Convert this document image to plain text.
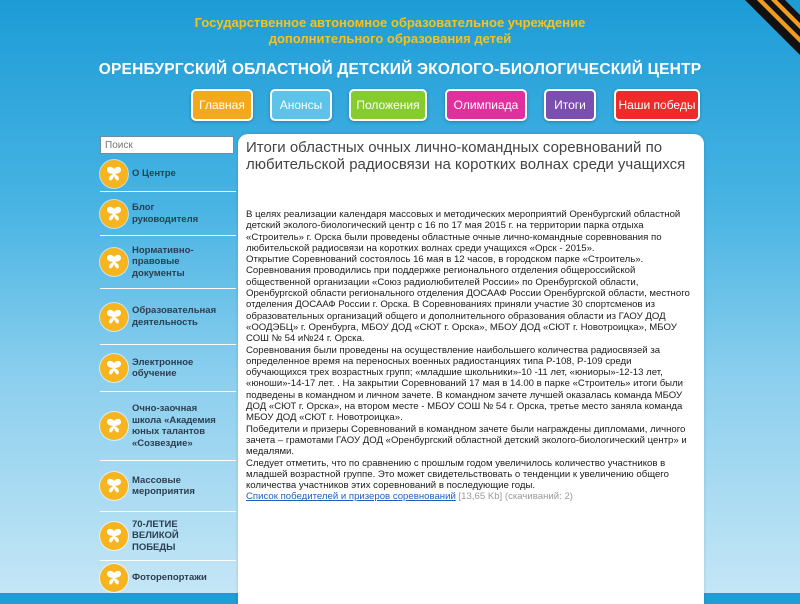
Государственное автономное образовательное учреждение
дополнительного образования детей
ОРЕНБУРГСКИЙ ОБЛАСТНОЙ ДЕТСКИЙ ЭКОЛОГО-БИОЛОГИЧЕСКИЙ ЦЕНТР
Главная	Анонсы	Положения	Олимпиада	Итоги	Наши победы
Поиск
О Центре
Блог руководителя
Нормативно-правовые документы
Образовательная деятельность
Электронное обучение
Очно-заочная школа «Академия юных талантов «Созвездие»
Массовые мероприятия
70-ЛЕТИЕ ВЕЛИКОЙ ПОБЕДЫ
Фоторепортажи
Итоги областных очных лично-командных соревнований по любительской радиосвязи на коротких волнах среди учащихся

В целях реализации календаря массовых и методических мероприятий Оренбургский областной детский эколого-биологический центр с 16 по 17 мая 2015 г. на территории парка отдыха «Строитель» г. Орска были проведены областные очные лично-командные соревнования по любительской радиосвязи на коротких волнах среди учащихся «Орск - 2015».

Открытие Соревнований состоялось 16 мая в 12 часов, в городском парке «Строитель».

Соревнования проводились при поддержке регионального отделения общероссийской общественной организации «Союз радиолюбителей России» по Оренбургской области, Оренбургской области регионального отделения ДОСААФ России Оренбургской области, местного отделения ДОСААФ России г. Орска. В Соревнованиях приняли участие 30 спортсменов из образовательных организаций общего и дополнительного образования области из ГАОУ ДОД «ООДЭБЦ» г. Оренбурга, МБОУ ДОД «СЮТ г. Орска», МБОУ ДОД «СЮТ г. Новотроицка», МБОУ СОШ № 54 и№24 г. Орска.

Соревнования были проведены на осуществление наибольшего количества радиосвязей за определенное время на переносных военных радиостанциях типа Р-108, Р-109 среди обучающихся трех возрастных групп; «младшие школьники»-10 -11 лет, «юниоры»-12-13 лет, «юноши»-14-17 лет. . На закрытии Соревнований 17 мая в 14.00 в парке «Строитель» итоги были подведены в командном и личном зачете. В командном зачете лучшей оказалась команда МБОУ ДОД «СЮТ г. Орска», на втором месте - МБОУ СОШ № 54 г. Орска, третье место заняла команда МБОУ ДОД «СЮТ г. Новотроицка».

Победители и призеры Соревнований в командном зачете были награждены дипломами, личного зачета – грамотами ГАОУ ДОД «Оренбургский областной детский эколого-биологический центр» и медалями.

Следует отметить, что по сравнению с прошлым годом увеличилось количество участников в младшей возрастной группе. Это может свидетельствовать о тенденции к увеличению общего количества участников этих соревнований в последующие годы.

Список победителей и призеров соревнований [13,65 Kb] (скачиваний: 2)
